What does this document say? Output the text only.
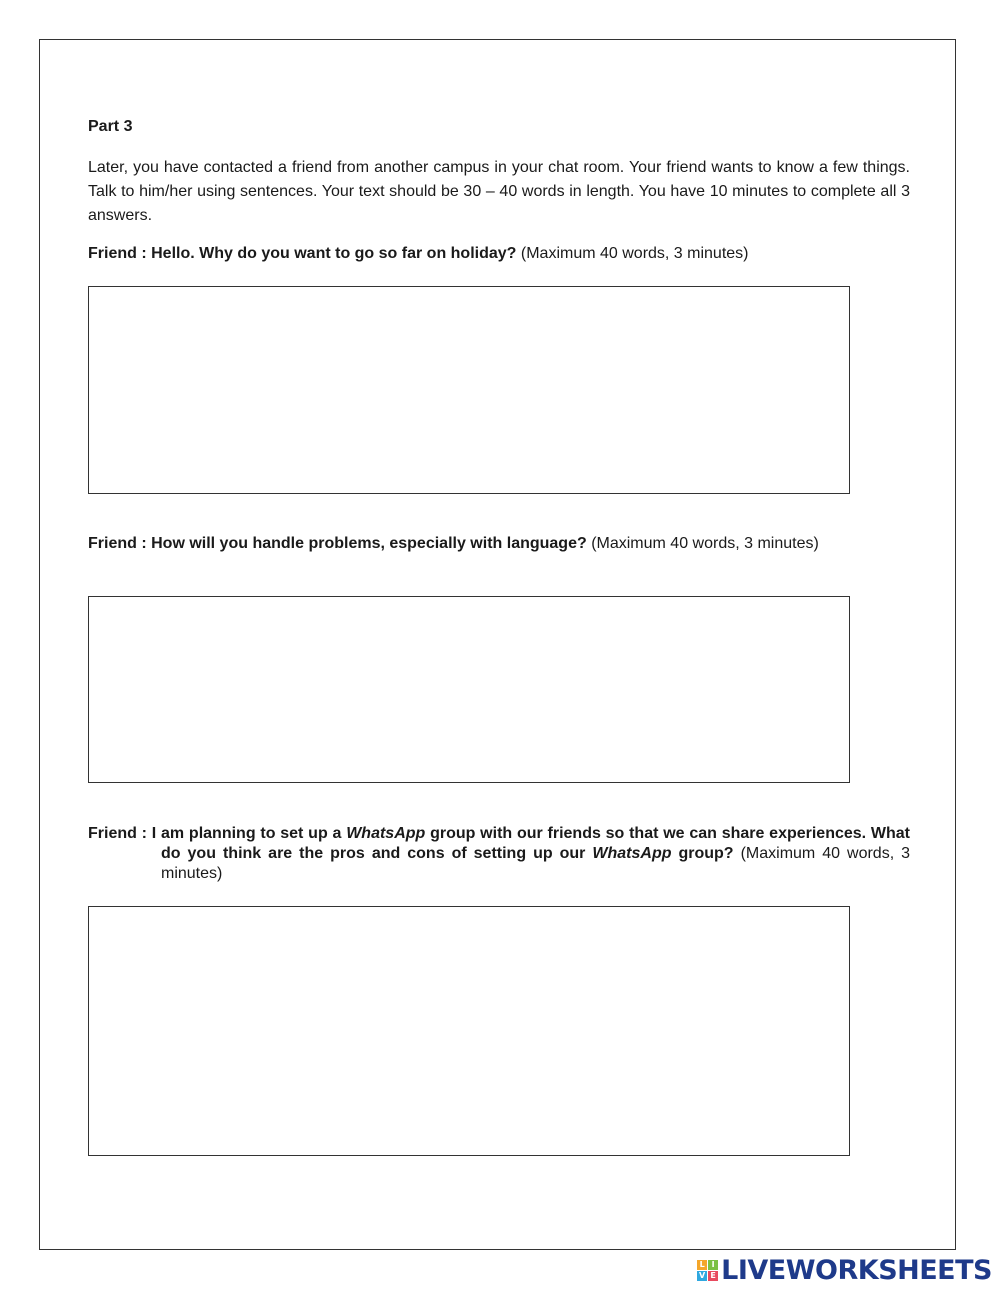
Part 3
Later, you have contacted a friend from another campus in your chat room. Your friend wants to know a few things. Talk to him/her using sentences. Your text should be 30 – 40 words in length. You have 10 minutes to complete all 3 answers.
Friend : Hello. Why do you want to go so far on holiday? (Maximum 40 words, 3 minutes)
Friend : How will you handle problems, especially with language? (Maximum 40 words, 3 minutes)
Friend : I am planning to set up a WhatsApp group with our friends so that we can share experiences. What do you think are the pros and cons of setting up our WhatsApp group? (Maximum 40 words, 3 minutes)
L I
V E LIVEWORKSHEETS
